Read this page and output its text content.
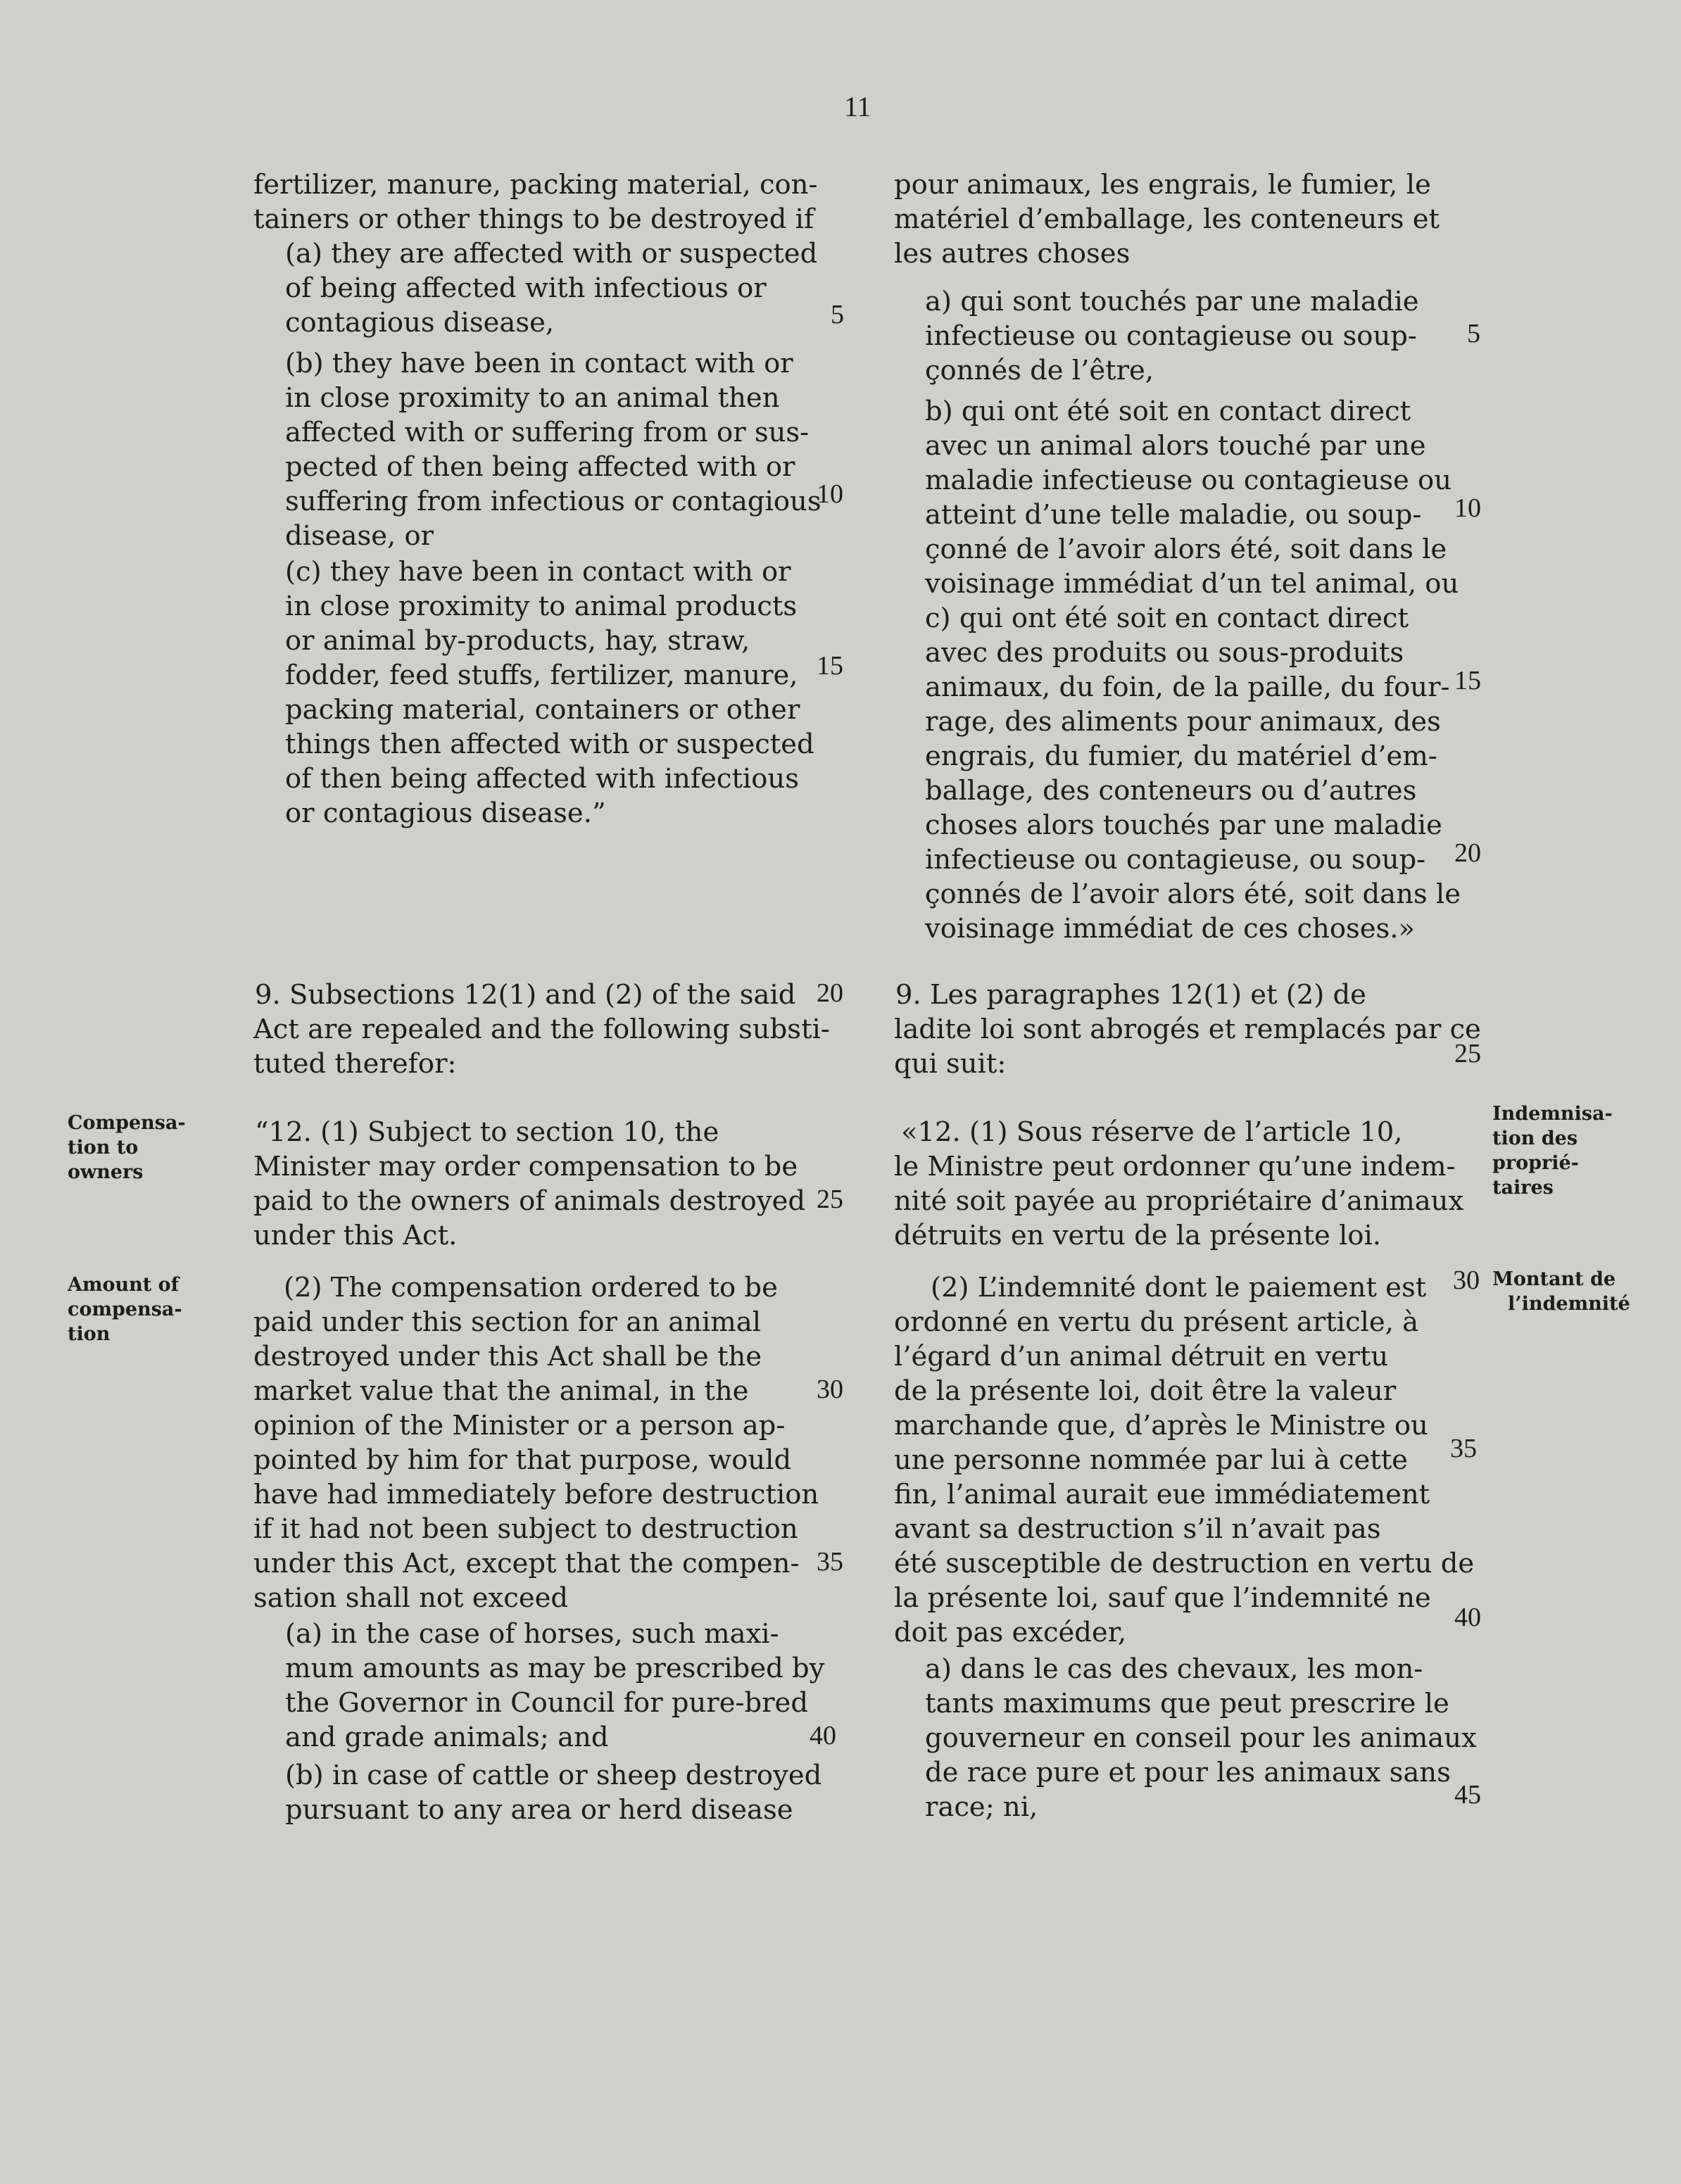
11
fertilizer, manure, packing material, con-
tainers or other things to be destroyed if
(a) they are affected with or suspected
of being affected with infectious or
contagious disease,
(b) they have been in contact with or
in close proximity to an animal then
affected with or suffering from or sus-
pected of then being affected with or
suffering from infectious or contagious
disease, or
(c) they have been in contact with or
in close proximity to animal products
or animal by-products, hay, straw,
fodder, feed stuffs, fertilizer, manure,
packing material, containers or other
things then affected with or suspected
of then being affected with infectious
or contagious disease.”
9. Subsections 12(1) and (2) of the said
Act are repealed and the following substi-
tuted therefor:
“12. (1) Subject to section 10, the
Minister may order compensation to be
paid to the owners of animals destroyed
under this Act.
(2) The compensation ordered to be
paid under this section for an animal
destroyed under this Act shall be the
market value that the animal, in the
opinion of the Minister or a person ap-
pointed by him for that purpose, would
have had immediately before destruction
if it had not been subject to destruction
under this Act, except that the compen-
sation shall not exceed
(a) in the case of horses, such maxi-
mum amounts as may be prescribed by
the Governor in Council for pure-bred
and grade animals; and
(b) in case of cattle or sheep destroyed
pursuant to any area or herd disease
5
10
15
20
25
30
35
40
pour animaux, les engrais, le fumier, le
matériel d’emballage, les conteneurs et
les autres choses
a) qui sont touchés par une maladie
infectieuse ou contagieuse ou soup-
çonnés de l’être,
b) qui ont été soit en contact direct
avec un animal alors touché par une
maladie infectieuse ou contagieuse ou
atteint d’une telle maladie, ou soup-
çonné de l’avoir alors été, soit dans le
voisinage immédiat d’un tel animal, ou
c) qui ont été soit en contact direct
avec des produits ou sous-produits
animaux, du foin, de la paille, du four-
rage, des aliments pour animaux, des
engrais, du fumier, du matériel d’em-
ballage, des conteneurs ou d’autres
choses alors touchés par une maladie
infectieuse ou contagieuse, ou soup-
çonnés de l’avoir alors été, soit dans le
voisinage immédiat de ces choses.»
9. Les paragraphes 12(1) et (2) de
ladite loi sont abrogés et remplacés par ce
qui suit:
«12. (1) Sous réserve de l’article 10,
le Ministre peut ordonner qu’une indem-
nité soit payée au propriétaire d’animaux
détruits en vertu de la présente loi.
(2) L’indemnité dont le paiement est
ordonné en vertu du présent article, à
l’égard d’un animal détruit en vertu
de la présente loi, doit être la valeur
marchande que, d’après le Ministre ou
une personne nommée par lui à cette
fin, l’animal aurait eue immédiatement
avant sa destruction s’il n’avait pas
été susceptible de destruction en vertu de
la présente loi, sauf que l’indemnité ne
doit pas excéder,
a) dans le cas des chevaux, les mon-
tants maximums que peut prescrire le
gouverneur en conseil pour les animaux
de race pure et pour les animaux sans
race; ni,
5
10
15
20
25
30
35
40
45
Compensa-
tion to
owners
Amount of
compensa-
tion
Indemnisa-
tion des
proprié-
taires
Montant de
l’indemnité
